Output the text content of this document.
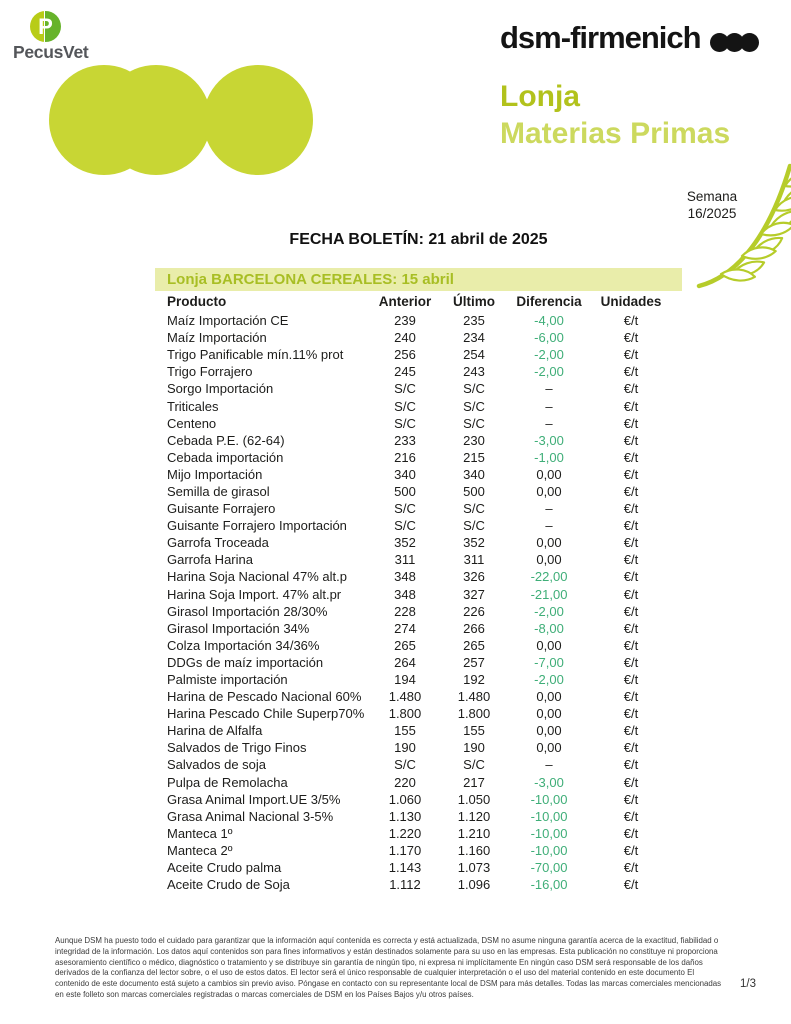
P
PecusVet	dsm-firmenich
Lonja
Materias Primas
Semana
16/2025
FECHA BOLETÍN: 21 abril de 2025
Lonja BARCELONA CEREALES: 15 abril
Producto	Anterior	Último	Diferencia	Unidades
Maíz Importación CE	239	235	-4,00	€/t
Maíz Importación	240	234	-6,00	€/t
Trigo Panificable mín.11% prot	256	254	-2,00	€/t
Trigo Forrajero	245	243	-2,00	€/t
Sorgo Importación	S/C	S/C	–	€/t
Triticales	S/C	S/C	–	€/t
Centeno	S/C	S/C	–	€/t
Cebada P.E. (62-64)	233	230	-3,00	€/t
Cebada importación	216	215	-1,00	€/t
Mijo Importación	340	340	0,00	€/t
Semilla de girasol	500	500	0,00	€/t
Guisante Forrajero	S/C	S/C	–	€/t
Guisante Forrajero Importación	S/C	S/C	–	€/t
Garrofa Troceada	352	352	0,00	€/t
Garrofa Harina	311	311	0,00	€/t
Harina Soja Nacional 47% alt.p	348	326	-22,00	€/t
Harina Soja Import. 47% alt.pr	348	327	-21,00	€/t
Girasol Importación 28/30%	228	226	-2,00	€/t
Girasol Importación 34%	274	266	-8,00	€/t
Colza Importación 34/36%	265	265	0,00	€/t
DDGs de maíz importación	264	257	-7,00	€/t
Palmiste importación	194	192	-2,00	€/t
Harina de Pescado Nacional 60%	1.480	1.480	0,00	€/t
Harina Pescado Chile Superp70%	1.800	1.800	0,00	€/t
Harina de Alfalfa	155	155	0,00	€/t
Salvados de Trigo Finos	190	190	0,00	€/t
Salvados de soja	S/C	S/C	–	€/t
Pulpa de Remolacha	220	217	-3,00	€/t
Grasa Animal Import.UE 3/5%	1.060	1.050	-10,00	€/t
Grasa Animal Nacional 3-5%	1.130	1.120	-10,00	€/t
Manteca 1º	1.220	1.210	-10,00	€/t
Manteca 2º	1.170	1.160	-10,00	€/t
Aceite Crudo palma	1.143	1.073	-70,00	€/t
Aceite Crudo de Soja	1.112	1.096	-16,00	€/t
Aunque DSM ha puesto todo el cuidado para garantizar que la información aquí contenida es correcta y está actualizada, DSM no asume ninguna garantía acerca de la exactitud, fiabilidad o integridad de la información. Los datos aquí contenidos son para fines informativos y están destinados solamente para su uso en las empresas. Esta publicación no constituye ni proporciona asesoramiento científico o médico, diagnóstico o tratamiento y se distribuye sin garantía de ningún tipo, ni expresa ni implícitamente En ningún caso DSM será responsable de los daños derivados de la confianza del lector sobre, o el uso de estos datos. El lector será el único responsable de cualquier interpretación o el uso del material contenido en este documento El contenido de este documento está sujeto a cambios sin previo aviso. Póngase en contacto con su representante local de DSM para más detalles. Todas las marcas comerciales mencionadas en este folleto son marcas comerciales registradas o marcas comerciales de DSM en los Países Bajos y/u otros países.
1/3
